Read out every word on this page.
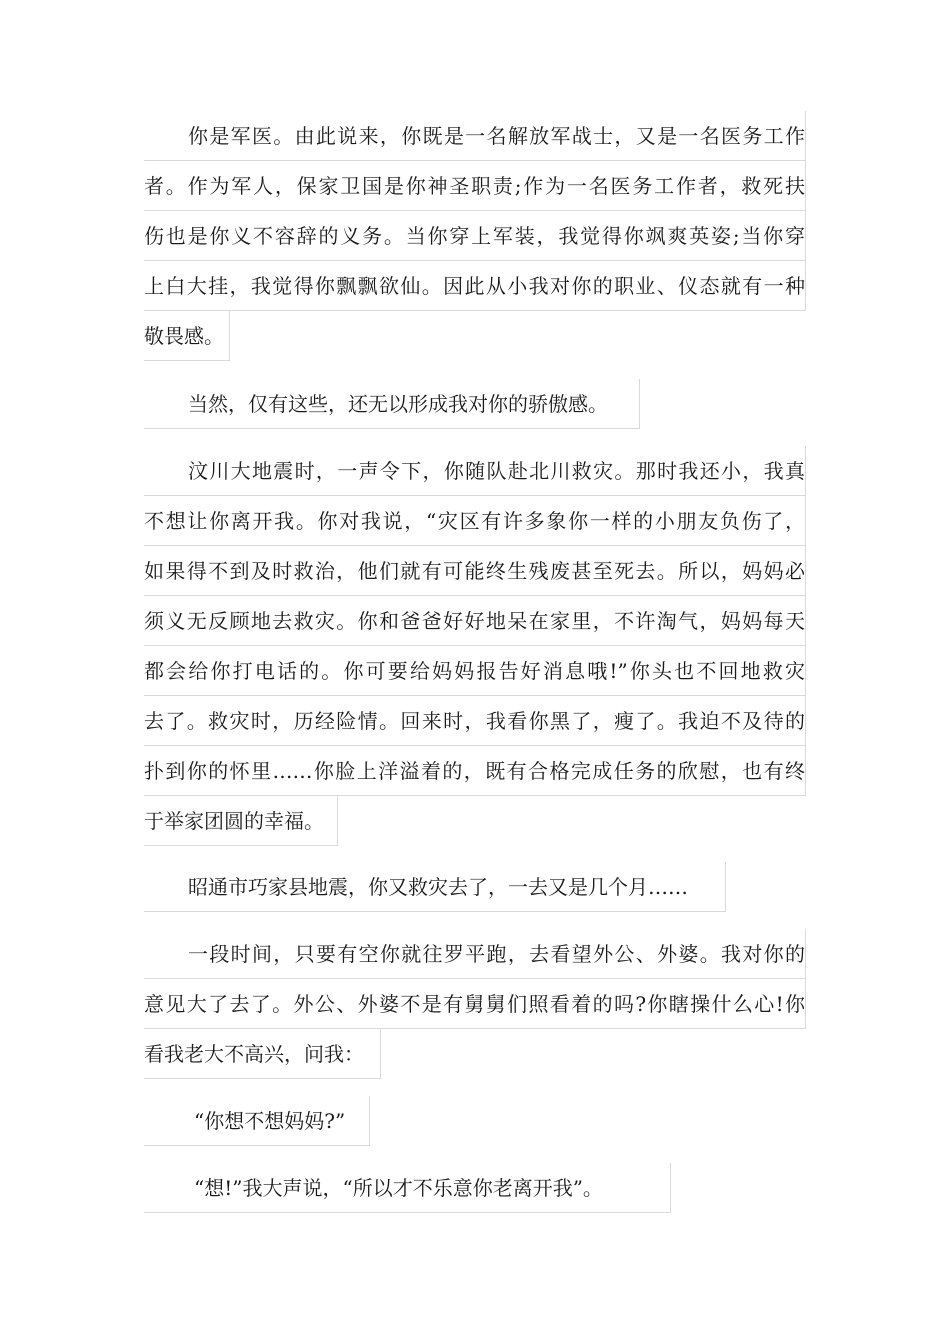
你是军医。由此说来，你既是一名解放军战士，又是一名医务工作
者。作为军人，保家卫国是你神圣职责;作为一名医务工作者，救死扶
伤也是你义不容辞的义务。当你穿上军装，我觉得你飒爽英姿;当你穿
上白大挂，我觉得你飘飘欲仙。因此从小我对你的职业、仪态就有一种
敬畏感。
当然，仅有这些，还无以形成我对你的骄傲感。
汶川大地震时，一声令下，你随队赴北川救灾。那时我还小，我真
不想让你离开我。你对我说，“灾区有许多象你一样的小朋友负伤了，
如果得不到及时救治，他们就有可能终生残废甚至死去。所以，妈妈必
须义无反顾地去救灾。你和爸爸好好地呆在家里，不许淘气，妈妈每天
都会给你打电话的。你可要给妈妈报告好消息哦!”你头也不回地救灾
去了。救灾时，历经险情。回来时，我看你黑了，瘦了。我迫不及待的
扑到你的怀里……你脸上洋溢着的，既有合格完成任务的欣慰，也有终
于举家团圆的幸福。
昭通市巧家县地震，你又救灾去了，一去又是几个月……
一段时间，只要有空你就往罗平跑，去看望外公、外婆。我对你的
意见大了去了。外公、外婆不是有舅舅们照看着的吗?你瞎操什么心!你
看我老大不高兴，问我：
“你想不想妈妈?”
“想!”我大声说，“所以才不乐意你老离开我”。
